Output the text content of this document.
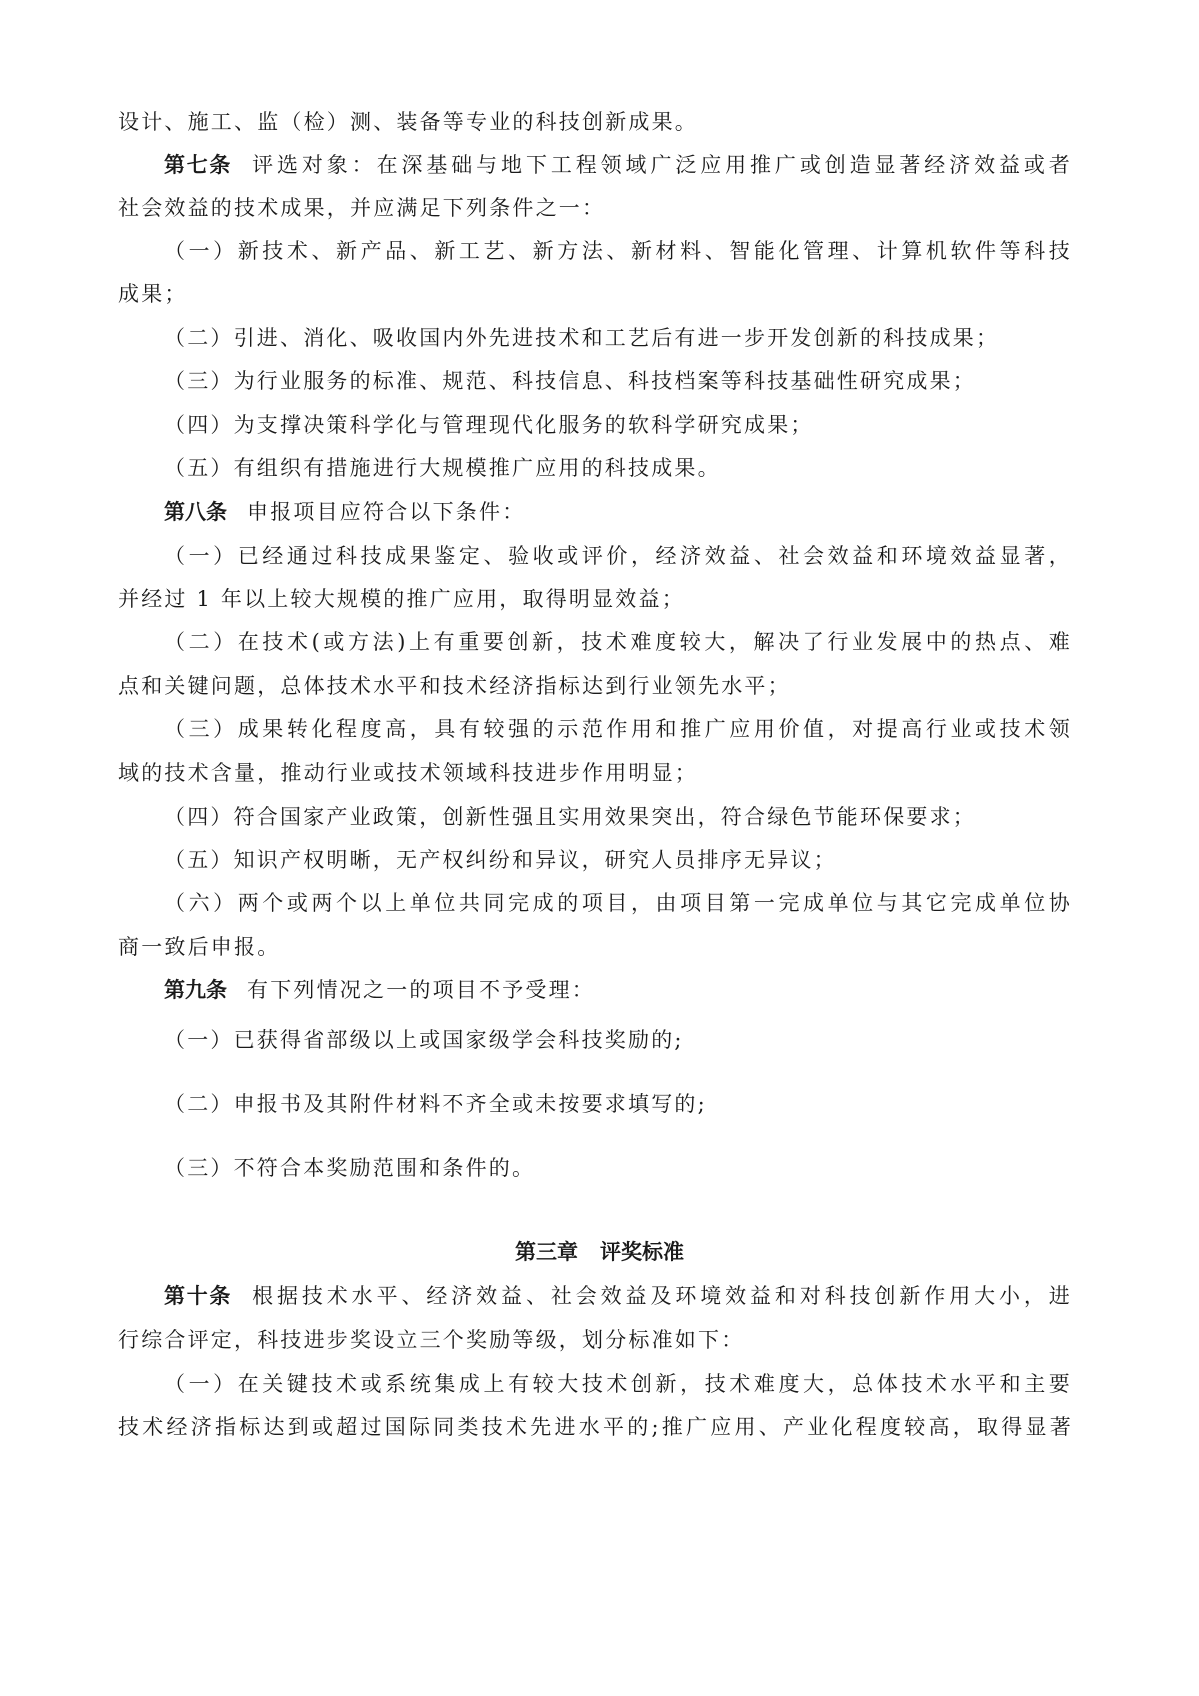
设计、施工、监（检）测、装备等专业的科技创新成果。
第七条 评选对象：在深基础与地下工程领域广泛应用推广或创造显著经济效益或者
社会效益的技术成果，并应满足下列条件之一：
（一）新技术、新产品、新工艺、新方法、新材料、智能化管理、计算机软件等科技
成果；
（二）引进、消化、吸收国内外先进技术和工艺后有进一步开发创新的科技成果；
（三）为行业服务的标准、规范、科技信息、科技档案等科技基础性研究成果；
（四）为支撑决策科学化与管理现代化服务的软科学研究成果；
（五）有组织有措施进行大规模推广应用的科技成果。
第八条 申报项目应符合以下条件：
（一）已经通过科技成果鉴定、验收或评价，经济效益、社会效益和环境效益显著，
并经过 1 年以上较大规模的推广应用，取得明显效益；
（二）在技术(或方法)上有重要创新，技术难度较大，解决了行业发展中的热点、难
点和关键问题，总体技术水平和技术经济指标达到行业领先水平；
（三）成果转化程度高，具有较强的示范作用和推广应用价值，对提高行业或技术领
域的技术含量，推动行业或技术领域科技进步作用明显；
（四）符合国家产业政策，创新性强且实用效果突出，符合绿色节能环保要求；
（五）知识产权明晰，无产权纠纷和异议，研究人员排序无异议；
（六）两个或两个以上单位共同完成的项目，由项目第一完成单位与其它完成单位协
商一致后申报。
第九条 有下列情况之一的项目不予受理：
（一）已获得省部级以上或国家级学会科技奖励的;
（二）申报书及其附件材料不齐全或未按要求填写的;
（三）不符合本奖励范围和条件的。
第三章 评奖标准
第十条 根据技术水平、经济效益、社会效益及环境效益和对科技创新作用大小，进
行综合评定，科技进步奖设立三个奖励等级，划分标准如下：
（一）在关键技术或系统集成上有较大技术创新，技术难度大，总体技术水平和主要
技术经济指标达到或超过国际同类技术先进水平的;推广应用、产业化程度较高，取得显著
